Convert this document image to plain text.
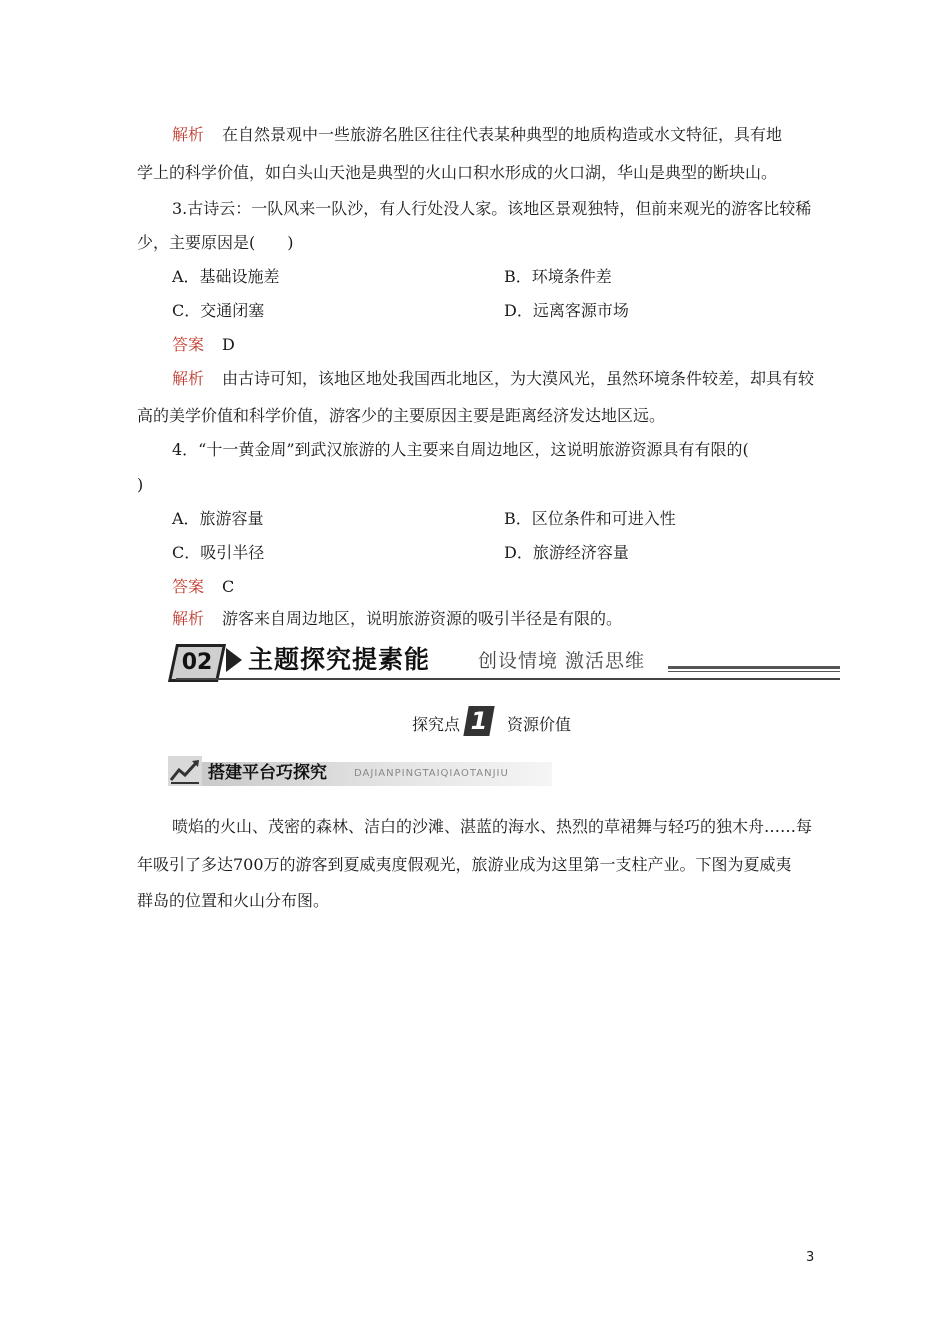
解析 在自然景观中一些旅游名胜区往往代表某种典型的地质构造或水文特征，具有地
学上的科学价值，如白头山天池是典型的火山口积水形成的火口湖，华山是典型的断块山。
3.古诗云：一队风来一队沙，有人行处没人家。该地区景观独特，但前来观光的游客比较稀
少，主要原因是(　　)
A．基础设施差	B．环境条件差
C．交通闭塞	D．远离客源市场
答案 D
解析 由古诗可知，该地区地处我国西北地区，为大漠风光，虽然环境条件较差，却具有较
高的美学价值和科学价值，游客少的主要原因主要是距离经济发达地区远。
4．“十一黄金周”到武汉旅游的人主要来自周边地区，这说明旅游资源具有有限的(
)
A．旅游容量	B．区位条件和可进入性
C．吸引半径	D．旅游经济容量
答案 C
解析 游客来自周边地区，说明旅游资源的吸引半径是有限的。
02 主题探究提素能	创设情境 激活思维
探究点 1 资源价值
搭建平台巧探究	DAJIANPINGTAIQIAOTANJIU
喷焰的火山、茂密的森林、洁白的沙滩、湛蓝的海水、热烈的草裙舞与轻巧的独木舟……每
年吸引了多达700万的游客到夏威夷度假观光，旅游业成为这里第一支柱产业。下图为夏威夷
群岛的位置和火山分布图。
3
